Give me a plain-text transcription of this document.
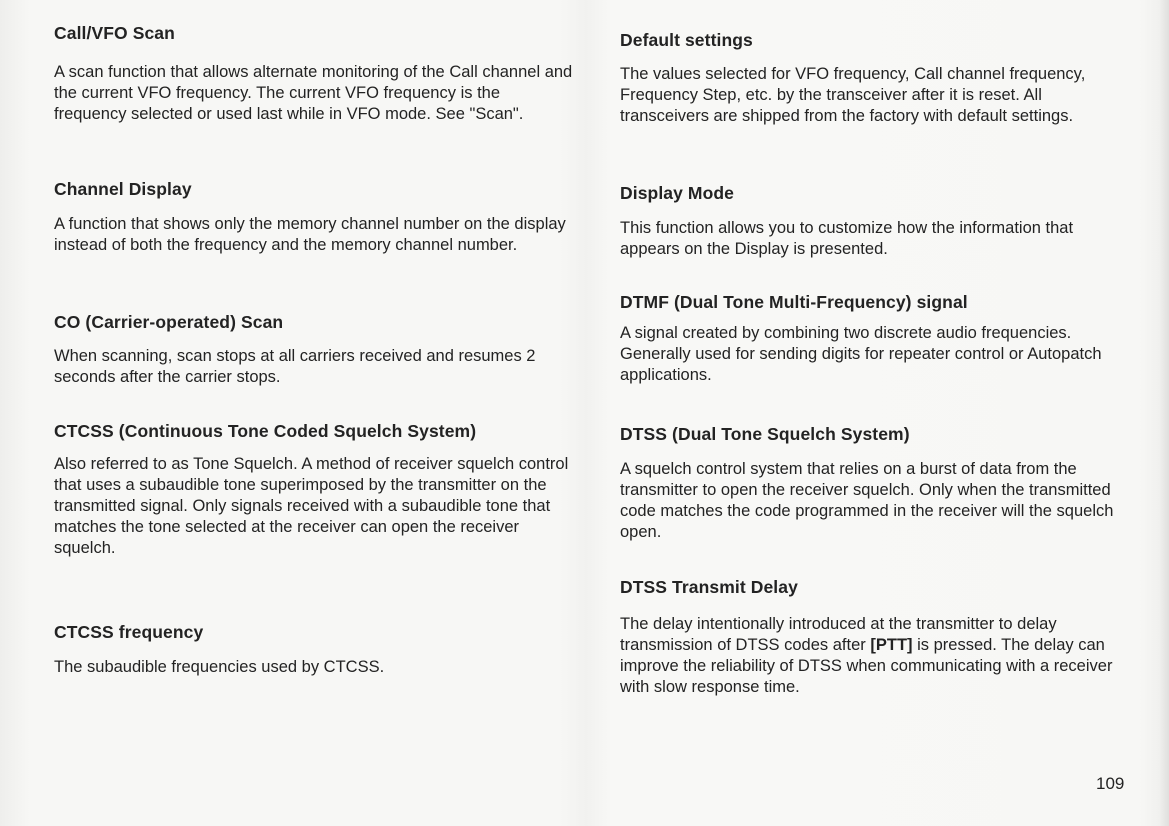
Call/VFO Scan

A scan function that allows alternate monitoring of the Call channel and the current VFO frequency. The current VFO frequency is the frequency selected or used last while in VFO mode. See "Scan".

Channel Display

A function that shows only the memory channel number on the display instead of both the frequency and the memory channel number.

CO (Carrier-operated) Scan

When scanning, scan stops at all carriers received and resumes 2 seconds after the carrier stops.

CTCSS (Continuous Tone Coded Squelch System)

Also referred to as Tone Squelch. A method of receiver squelch control that uses a subaudible tone superimposed by the transmitter on the transmitted signal. Only signals received with a subaudible tone that matches the tone selected at the receiver can open the receiver squelch.

CTCSS frequency

The subaudible frequencies used by CTCSS.

Default settings

The values selected for VFO frequency, Call channel frequency, Frequency Step, etc. by the transceiver after it is reset. All transceivers are shipped from the factory with default settings.

Display Mode

This function allows you to customize how the information that appears on the Display is presented.

DTMF (Dual Tone Multi-Frequency) signal

A signal created by combining two discrete audio frequencies. Generally used for sending digits for repeater control or Autopatch applications.

DTSS (Dual Tone Squelch System)

A squelch control system that relies on a burst of data from the transmitter to open the receiver squelch. Only when the transmitted code matches the code programmed in the receiver will the squelch open.

DTSS Transmit Delay

The delay intentionally introduced at the transmitter to delay transmission of DTSS codes after [PTT] is pressed. The delay can improve the reliability of DTSS when communicating with a receiver with slow response time.

109
